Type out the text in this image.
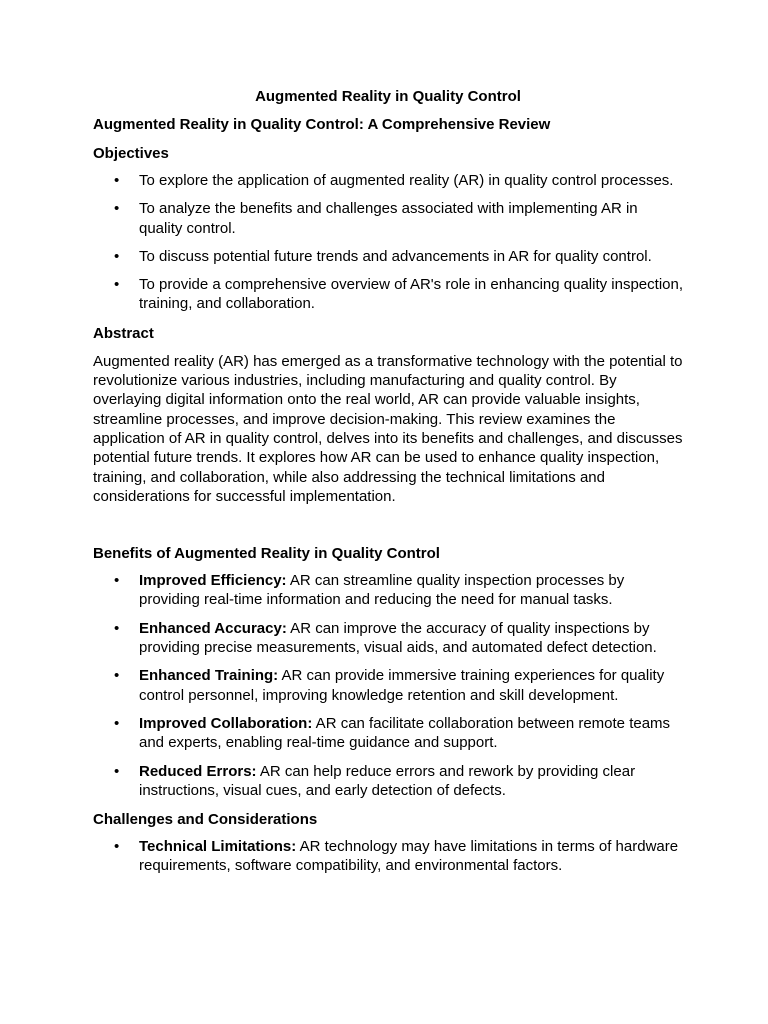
Augmented Reality in Quality Control

Augmented Reality in Quality Control: A Comprehensive Review

Objectives

• To explore the application of augmented reality (AR) in quality control processes.
• To analyze the benefits and challenges associated with implementing AR in quality control.
• To discuss potential future trends and advancements in AR for quality control.
• To provide a comprehensive overview of AR's role in enhancing quality inspection, training, and collaboration.

Abstract

Augmented reality (AR) has emerged as a transformative technology with the potential to revolutionize various industries, including manufacturing and quality control. By overlaying digital information onto the real world, AR can provide valuable insights, streamline processes, and improve decision-making. This review examines the application of AR in quality control, delves into its benefits and challenges, and discusses potential future trends. It explores how AR can be used to enhance quality inspection, training, and collaboration, while also addressing the technical limitations and considerations for successful implementation.

Benefits of Augmented Reality in Quality Control

• Improved Efficiency: AR can streamline quality inspection processes by providing real-time information and reducing the need for manual tasks.
• Enhanced Accuracy: AR can improve the accuracy of quality inspections by providing precise measurements, visual aids, and automated defect detection.
• Enhanced Training: AR can provide immersive training experiences for quality control personnel, improving knowledge retention and skill development.
• Improved Collaboration: AR can facilitate collaboration between remote teams and experts, enabling real-time guidance and support.
• Reduced Errors: AR can help reduce errors and rework by providing clear instructions, visual cues, and early detection of defects.

Challenges and Considerations

• Technical Limitations: AR technology may have limitations in terms of hardware requirements, software compatibility, and environmental factors.
